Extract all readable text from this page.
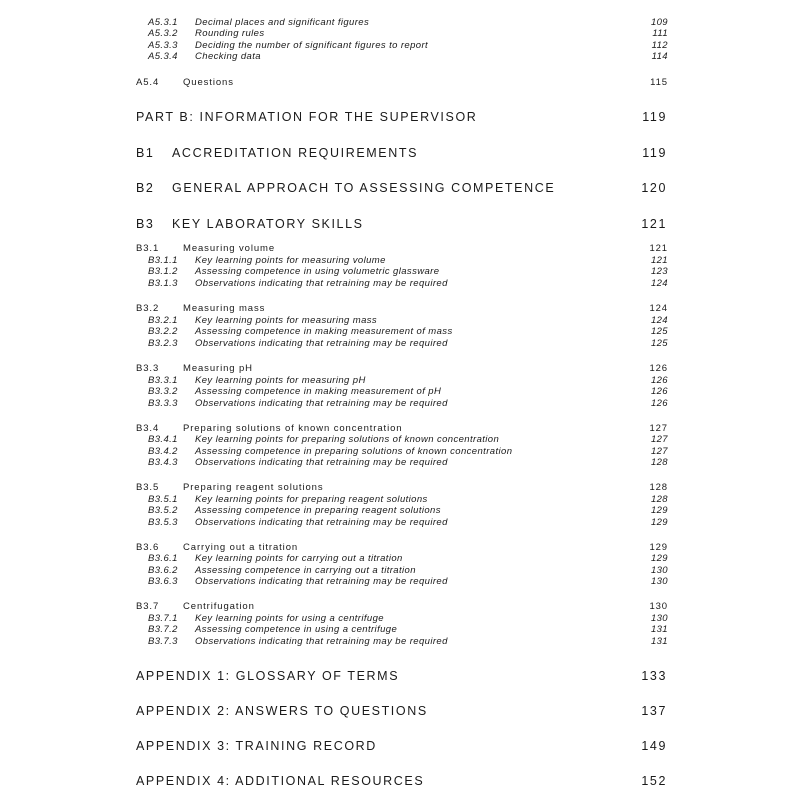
A5.3.1 Decimal places and significant figures	109
A5.3.2 Rounding rules	111
A5.3.3 Deciding the number of significant figures to report	112
A5.3.4 Checking data	114
A5.4	Questions	115
PART B: INFORMATION FOR THE SUPERVISOR	119
B1 ACCREDITATION REQUIREMENTS	119
B2 GENERAL APPROACH TO ASSESSING COMPETENCE	120
B3 KEY LABORATORY SKILLS	121
B3.1	Measuring volume	121
B3.1.1 Key learning points for measuring volume	121
B3.1.2 Assessing competence in using volumetric glassware	123
B3.1.3 Observations indicating that retraining may be required	124
B3.2	Measuring mass	124
B3.2.1 Key learning points for measuring mass	124
B3.2.2 Assessing competence in making measurement of mass	125
B3.2.3 Observations indicating that retraining may be required	125
B3.3	Measuring pH	126
B3.3.1 Key learning points for measuring pH	126
B3.3.2 Assessing competence in making measurement of pH	126
B3.3.3 Observations indicating that retraining may be required	126
B3.4	Preparing solutions of known concentration	127
B3.4.1 Key learning points for preparing solutions of known concentration	127
B3.4.2 Assessing competence in preparing solutions of known concentration	127
B3.4.3 Observations indicating that retraining may be required	128
B3.5	Preparing reagent solutions	128
B3.5.1 Key learning points for preparing reagent solutions	128
B3.5.2 Assessing competence in preparing reagent solutions	129
B3.5.3 Observations indicating that retraining may be required	129
B3.6	Carrying out a titration	129
B3.6.1 Key learning points for carrying out a titration	129
B3.6.2 Assessing competence in carrying out a titration	130
B3.6.3 Observations indicating that retraining may be required	130
B3.7	Centrifugation	130
B3.7.1 Key learning points for using a centrifuge	130
B3.7.2 Assessing competence in using a centrifuge	131
B3.7.3 Observations indicating that retraining may be required	131
APPENDIX 1: GLOSSARY OF TERMS	133
APPENDIX 2: ANSWERS TO QUESTIONS	137
APPENDIX 3: TRAINING RECORD	149
APPENDIX 4: ADDITIONAL RESOURCES	152
